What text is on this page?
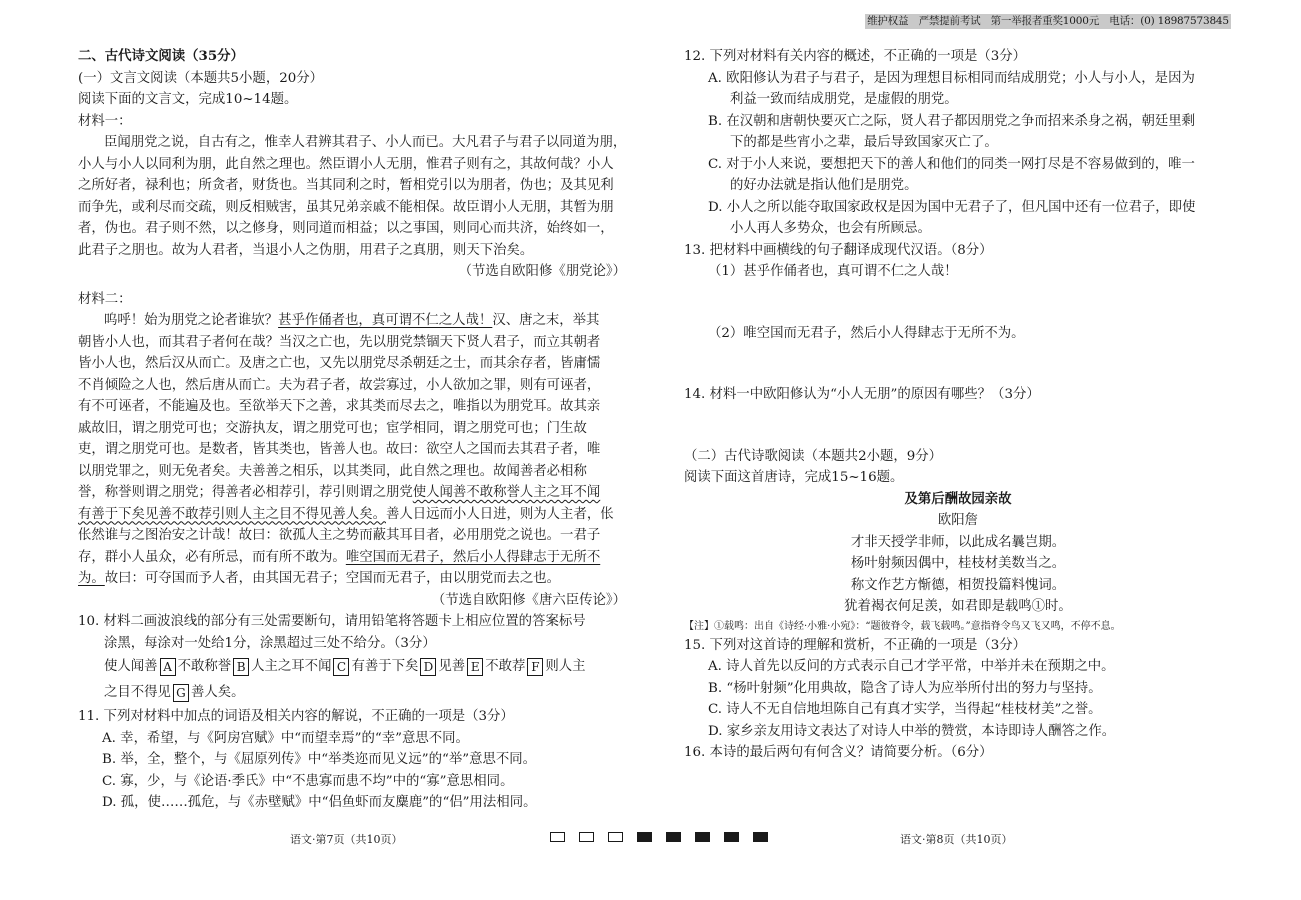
维护权益　严禁提前考试　第一举报者重奖1000元　电话：(0) 18987573845
二、古代诗文阅读（35分）
(一）文言文阅读（本题共5小题，20分）
阅读下面的文言文，完成10~14题。
材料一：
臣闻朋党之说，自古有之，惟幸人君辨其君子、小人而已。大凡君子与君子以同道为朋，
小人与小人以同利为朋，此自然之理也。然臣谓小人无朋，惟君子则有之，其故何哉？小人
之所好者，禄利也；所贪者，财货也。当其同利之时，暂相党引以为朋者，伪也；及其见利
而争先，或利尽而交疏，则反相贼害，虽其兄弟亲戚不能相保。故臣谓小人无朋，其暂为朋
者，伪也。君子则不然，以之修身，则同道而相益；以之事国，则同心而共济，始终如一，
此君子之朋也。故为人君者，当退小人之伪朋，用君子之真朋，则天下治矣。
（节选自欧阳修《朋党论》）
材料二：
呜呼！始为朋党之论者谁欤？甚乎作俑者也，真可谓不仁之人哉！汉、唐之末，举其
朝皆小人也，而其君子者何在哉？当汉之亡也，先以朋党禁锢天下贤人君子，而立其朝者
皆小人也，然后汉从而亡。及唐之亡也，又先以朋党尽杀朝廷之士，而其余存者，皆庸懦
不肖倾险之人也，然后唐从而亡。夫为君子者，故尝寡过，小人欲加之罪，则有可诬者，
有不可诬者，不能遍及也。至欲举天下之善，求其类而尽去之，唯指以为朋党耳。故其亲
戚故旧，谓之朋党可也；交游执友，谓之朋党可也；宦学相同，谓之朋党可也；门生故
吏，谓之朋党可也。是数者，皆其类也，皆善人也。故曰：欲空人之国而去其君子者，唯
以朋党罪之，则无免者矣。夫善善之相乐，以其类同，此自然之理也。故闻善者必相称
誉，称誉则谓之朋党；得善者必相荐引，荐引则谓之朋党使人闻善不敢称誉人主之耳不闻
有善于下矣见善不敢荐引则人主之目不得见善人矣。善人日远而小人日进，则为人主者，伥
伥然谁与之图治安之计哉！故曰：欲孤人主之势而蔽其耳目者，必用朋党之说也。一君子
存，群小人虽众，必有所忌，而有所不敢为。唯空国而无君子，然后小人得肆志于无所不
为。故曰：可夺国而予人者，由其国无君子；空国而无君子，由以朋党而去之也。
（节选自欧阳修《唐六臣传论》）
10. 材料二画波浪线的部分有三处需要断句，请用铅笔将答题卡上相应位置的答案标号
涂黑，每涂对一处给1分，涂黑超过三处不给分。（3分）
使人闻善 A 不敢称誉 B 人主之耳不闻 C 有善于下矣 D 见善 E 不敢荐 F 则人主
之目不得见 G 善人矣。
11. 下列对材料中加点的词语及相关内容的解说，不正确的一项是（3分）
A. 幸，希望，与《阿房宫赋》中“而望幸焉”的“幸”意思不同。
B. 举，全，整个，与《屈原列传》中“举类迩而见义远”的“举”意思不同。
C. 寡，少，与《论语·季氏》中“不患寡而患不均”中的“寡”意思相同。
D. 孤，使……孤危，与《赤壁赋》中“侣鱼虾而友麋鹿”的“侣”用法相同。
12. 下列对材料有关内容的概述，不正确的一项是（3分）
A. 欧阳修认为君子与君子，是因为理想目标相同而结成朋党；小人与小人，是因为
利益一致而结成朋党，是虚假的朋党。
B. 在汉朝和唐朝快要灭亡之际，贤人君子都因朋党之争而招来杀身之祸，朝廷里剩
下的都是些宵小之辈，最后导致国家灭亡了。
C. 对于小人来说，要想把天下的善人和他们的同类一网打尽是不容易做到的，唯一
的好办法就是指认他们是朋党。
D. 小人之所以能夺取国家政权是因为国中无君子了，但凡国中还有一位君子，即使
小人再人多势众，也会有所顾忌。
13. 把材料中画横线的句子翻译成现代汉语。（8分）
（1）甚乎作俑者也，真可谓不仁之人哉！
（2）唯空国而无君子，然后小人得肆志于无所不为。
14. 材料一中欧阳修认为“小人无朋”的原因有哪些？（3分）
（二）古代诗歌阅读（本题共2小题，9分）
阅读下面这首唐诗，完成15~16题。
及第后酬故园亲故
欧阳詹
才非天授学非师，以此成名曩岂期。
杨叶射频因偶中，桂枝材美数当之。
称文作艺方惭德，相贺投篇料愧词。
犹着褐衣何足羡，如君即是载鸣①时。
【注】①载鸣：出自《诗经·小雅·小宛》：“题彼脊令，载飞载鸣。”意指脊令鸟又飞又鸣，不停不息。
15. 下列对这首诗的理解和赏析，不正确的一项是（3分）
A. 诗人首先以反问的方式表示自己才学平常，中举并未在预期之中。
B. “杨叶射频”化用典故，隐含了诗人为应举所付出的努力与坚持。
C. 诗人不无自信地坦陈自己有真才实学，当得起“桂枝材美”之誉。
D. 家乡亲友用诗文表达了对诗人中举的赞赏，本诗即诗人酬答之作。
16. 本诗的最后两句有何含义？请简要分析。（6分）
语文·第7页（共10页）	语文·第8页（共10页）
